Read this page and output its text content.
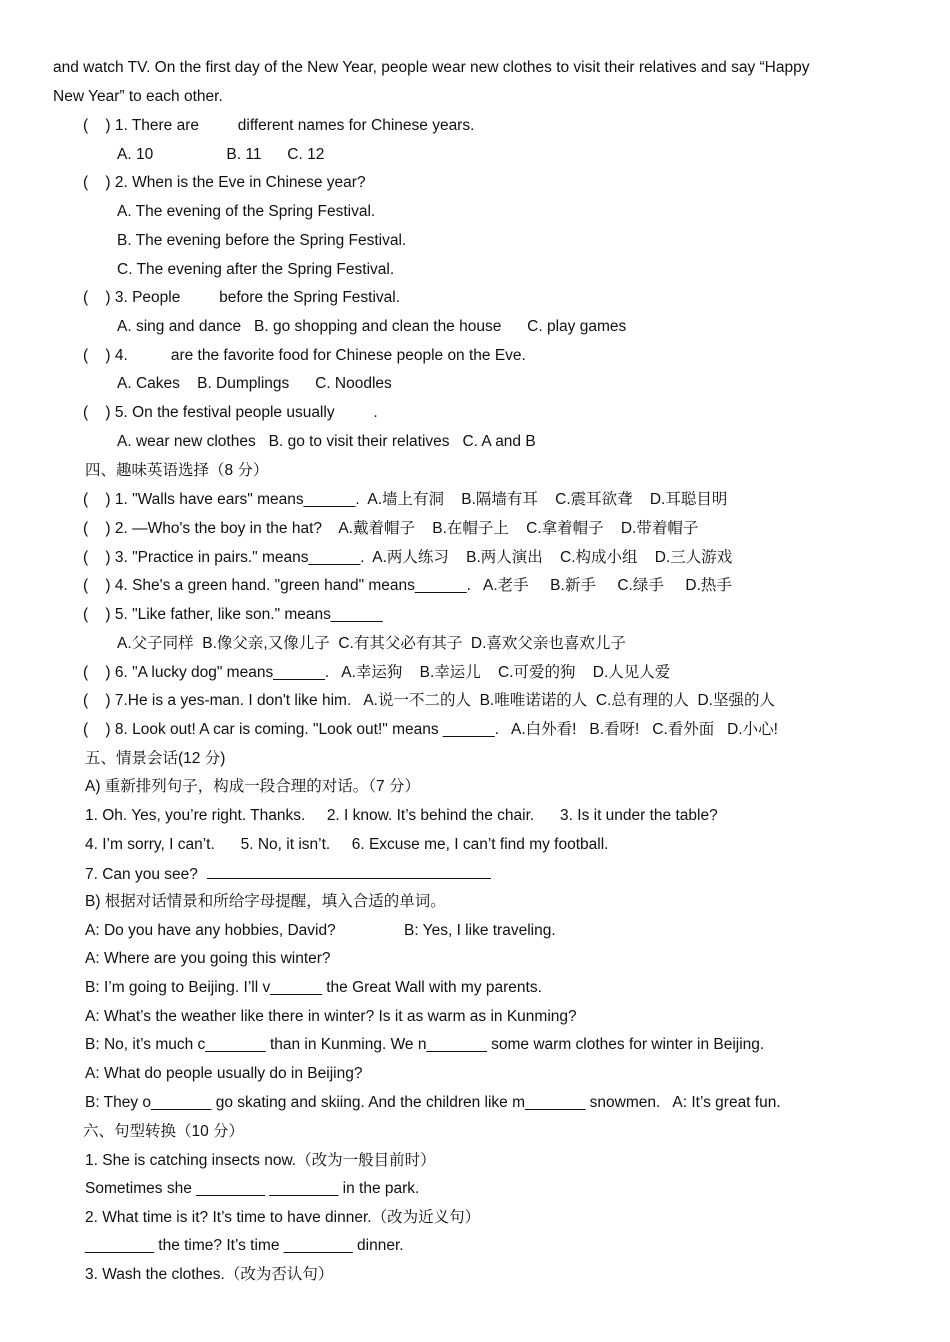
and watch TV. On the first day of the New Year, people wear new clothes to visit their relatives and say “Happy
New Year” to each other.
(    ) 1. There are         different names for Chinese years.
A. 10                 B. 11      C. 12
(    ) 2. When is the Eve in Chinese year?
A. The evening of the Spring Festival.
B. The evening before the Spring Festival.
C. The evening after the Spring Festival.
(    ) 3. People         before the Spring Festival.
A. sing and dance   B. go shopping and clean the house      C. play games
(    ) 4.          are the favorite food for Chinese people on the Eve.
A. Cakes    B. Dumplings      C. Noodles
(    ) 5. On the festival people usually         .
A. wear new clothes   B. go to visit their relatives   C. A and B
四、趣味英语选择（8 分）
(    ) 1. "Walls have ears" means______.  A.墙上有洞    B.隔墙有耳    C.震耳欲聋    D.耳聪目明
(    ) 2. —Who's the boy in the hat?    A.戴着帽子    B.在帽子上    C.拿着帽子    D.带着帽子
(    ) 3. "Practice in pairs." means______.  A.两人练习    B.两人演出    C.构成小组    D.三人游戏
(    ) 4. She's a green hand. "green hand" means______.   A.老手     B.新手     C.绿手     D.热手
(    ) 5. "Like father, like son." means______
A.父子同样  B.像父亲,又像儿子  C.有其父必有其子  D.喜欢父亲也喜欢儿子
(    ) 6. "A lucky dog" means______.   A.幸运狗    B.幸运儿    C.可爱的狗    D.人见人爱
(    ) 7.He is a yes-man. I don't like him.   A.说一不二的人  B.唯唯诺诺的人  C.总有理的人  D.坚强的人
(    ) 8. Look out! A car is coming. "Look out!" means ______.   A.白外看!   B.看呀!   C.看外面   D.小心!
五、情景会话(12 分)
A) 重新排列句子，构成一段合理的对话。（7 分）
1. Oh. Yes, you’re right. Thanks.     2. I know. It’s behind the chair.      3. Is it under the table?
4. I’m sorry, I can’t.      5. No, it isn’t.     6. Excuse me, I can’t find my football.
7. Can you see?
B) 根据对话情景和所给字母提醒，填入合适的单词。
A: Do you have any hobbies, David?	B: Yes, I like traveling.
A: Where are you going this winter?
B: I’m going to Beijing. I’ll v______ the Great Wall with my parents.
A: What’s the weather like there in winter? Is it as warm as in Kunming?
B: No, it’s much c_______ than in Kunming. We n_______ some warm clothes for winter in Beijing.
A: What do people usually do in Beijing?
B: They o_______ go skating and skiing. And the children like m_______ snowmen.   A: It’s great fun.
六、句型转换（10 分）
1. She is catching insects now.（改为一般目前时）
Sometimes she ________ ________ in the park.
2. What time is it? It’s time to have dinner.（改为近义句）
________ the time? It’s time ________ dinner.
3. Wash the clothes.（改为否认句）
